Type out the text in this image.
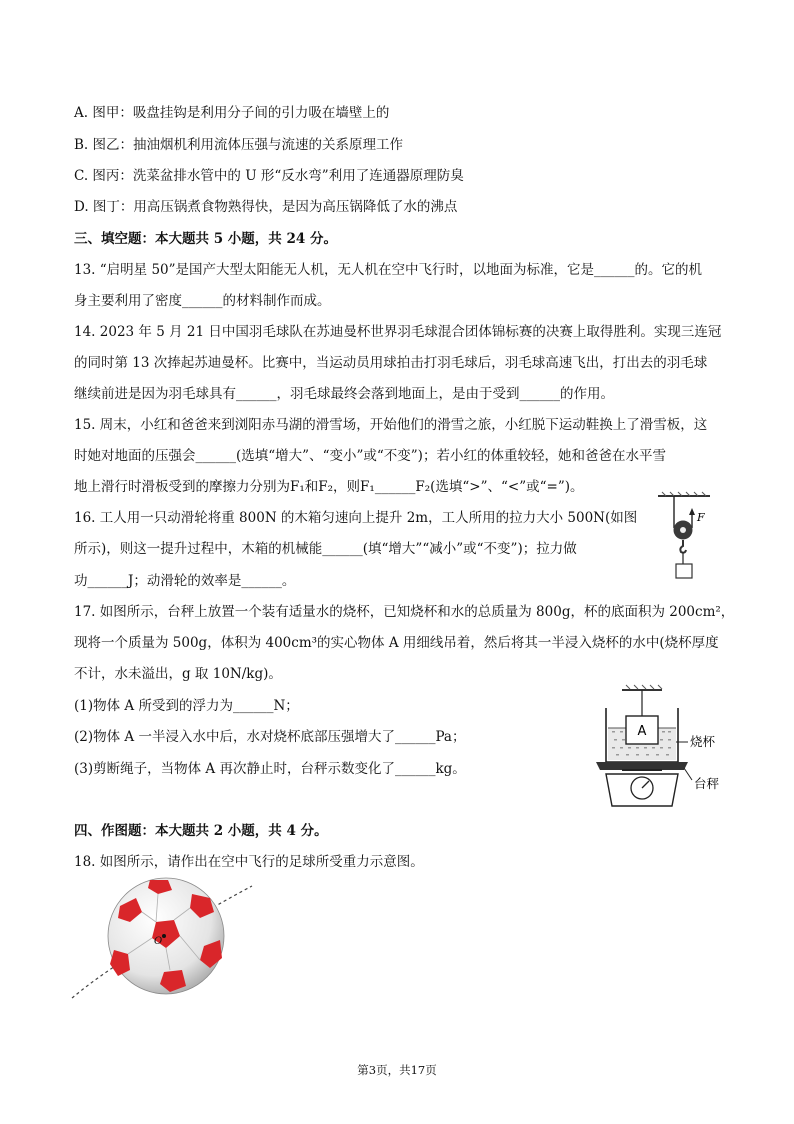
A. 图甲：吸盘挂钩是利用分子间的引力吸在墙壁上的
B. 图乙：抽油烟机利用流体压强与流速的关系原理工作
C. 图丙：洗菜盆排水管中的 U 形“反水弯”利用了连通器原理防臭
D. 图丁：用高压锅煮食物熟得快，是因为高压锅降低了水的沸点
三、填空题：本大题共 5 小题，共 24 分。
13. “启明星 50”是国产大型太阳能无人机，无人机在空中飞行时，以地面为标准，它是______的。它的机
身主要利用了密度______的材料制作而成。
14. 2023 年 5 月 21 日中国羽毛球队在苏迪曼杯世界羽毛球混合团体锦标赛的决赛上取得胜利。实现三连冠
的同时第 13 次捧起苏迪曼杯。比赛中，当运动员用球拍击打羽毛球后，羽毛球高速飞出，打出去的羽毛球
继续前进是因为羽毛球具有______，羽毛球最终会落到地面上，是由于受到______的作用。
15. 周末，小红和爸爸来到浏阳赤马湖的滑雪场，开始他们的滑雪之旅，小红脱下运动鞋换上了滑雪板，这
时她对地面的压强会______(选填“增大”、“变小”或“不变”)；若小红的体重较轻，她和爸爸在水平雪
地上滑行时滑板受到的摩擦力分别为F₁和F₂，则F₁______F₂(选填“>”、“<”或“=”)。
16. 工人用一只动滑轮将重 800N 的木箱匀速向上提升 2m，工人所用的拉力大小 500N(如图
所示)，则这一提升过程中，木箱的机械能______(填“增大”“减小”或“不变”)；拉力做
功______J；动滑轮的效率是______。
F
17. 如图所示，台秤上放置一个装有适量水的烧杯，已知烧杯和水的总质量为 800g，杯的底面积为 200cm²，
现将一个质量为 500g，体积为 400cm³的实心物体 A 用细线吊着，然后将其一半浸入烧杯的水中(烧杯厚度
不计，水未溢出，g 取 10N/kg)。
(1)物体 A 所受到的浮力为______N；
(2)物体 A 一半浸入水中后，水对烧杯底部压强增大了______Pa；
(3)剪断绳子，当物体 A 再次静止时，台秤示数变化了______kg。
A
烧杯
台秤
四、作图题：本大题共 2 小题，共 4 分。
18. 如图所示，请作出在空中飞行的足球所受重力示意图。
O
第3页，共17页
